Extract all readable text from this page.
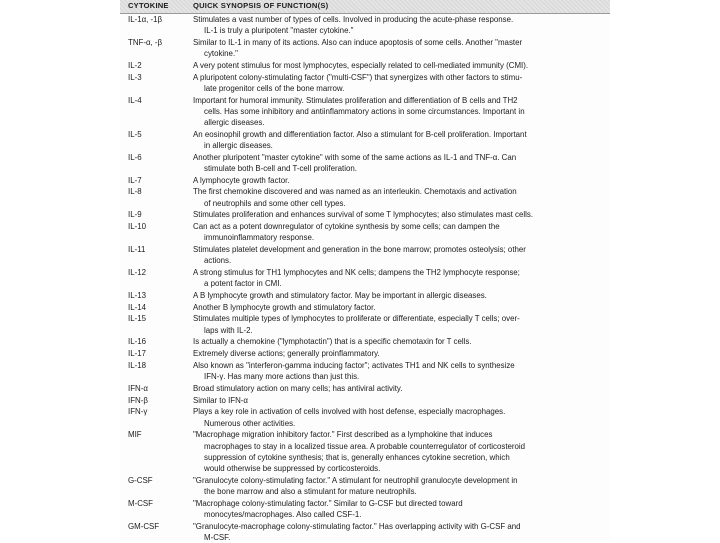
CYTOKINE	QUICK SYNOPSIS OF FUNCTION(S)
IL-1α, -1β	Stimulates a vast number of types of cells. Involved in producing the acute-phase response.
IL-1 is truly a pluripotent "master cytokine."
TNF-α, -β	Similar to IL-1 in many of its actions. Also can induce apoptosis of some cells. Another "master
cytokine."
IL-2	A very potent stimulus for most lymphocytes, especially related to cell-mediated immunity (CMI).
IL-3	A pluripotent colony-stimulating factor ("multi-CSF") that synergizes with other factors to stimu-
late progenitor cells of the bone marrow.
IL-4	Important for humoral immunity. Stimulates proliferation and differentiation of B cells and TH2
cells. Has some inhibitory and antiinflammatory actions in some circumstances. Important in
allergic diseases.
IL-5	An eosinophil growth and differentiation factor. Also a stimulant for B-cell proliferation. Important
in allergic diseases.
IL-6	Another pluripotent "master cytokine" with some of the same actions as IL-1 and TNF-α. Can
stimulate both B-cell and T-cell proliferation.
IL-7	A lymphocyte growth factor.
IL-8	The first chemokine discovered and was named as an interleukin. Chemotaxis and activation
of neutrophils and some other cell types.
IL-9	Stimulates proliferation and enhances survival of some T lymphocytes; also stimulates mast cells.
IL-10	Can act as a potent downregulator of cytokine synthesis by some cells; can dampen the
immunoinflammatory response.
IL-11	Stimulates platelet development and generation in the bone marrow; promotes osteolysis; other
actions.
IL-12	A strong stimulus for TH1 lymphocytes and NK cells; dampens the TH2 lymphocyte response;
a potent factor in CMI.
IL-13	A B lymphocyte growth and stimulatory factor. May be important in allergic diseases.
IL-14	Another B lymphocyte growth and stimulatory factor.
IL-15	Stimulates multiple types of lymphocytes to proliferate or differentiate, especially T cells; over-
laps with IL-2.
IL-16	Is actually a chemokine ("lymphotactin") that is a specific chemotaxin for T cells.
IL-17	Extremely diverse actions; generally proinflammatory.
IL-18	Also known as "interferon-gamma inducing factor"; activates TH1 and NK cells to synthesize
IFN-γ. Has many more actions than just this.
IFN-α	Broad stimulatory action on many cells; has antiviral activity.
IFN-β	Similar to IFN-α
IFN-γ	Plays a key role in activation of cells involved with host defense, especially macrophages.
Numerous other activities.
MIF	"Macrophage migration inhibitory factor." First described as a lymphokine that induces
macrophages to stay in a localized tissue area. A probable counterregulator of corticosteroid
suppression of cytokine synthesis; that is, generally enhances cytokine secretion, which
would otherwise be suppressed by corticosteroids.
G-CSF	"Granulocyte colony-stimulating factor." A stimulant for neutrophil granulocyte development in
the bone marrow and also a stimulant for mature neutrophils.
M-CSF	"Macrophage colony-stimulating factor." Similar to G-CSF but directed toward
monocytes/macrophages. Also called CSF-1.
GM-CSF	"Granulocyte-macrophage colony-stimulating factor." Has overlapping activity with G-CSF and
M-CSF.
